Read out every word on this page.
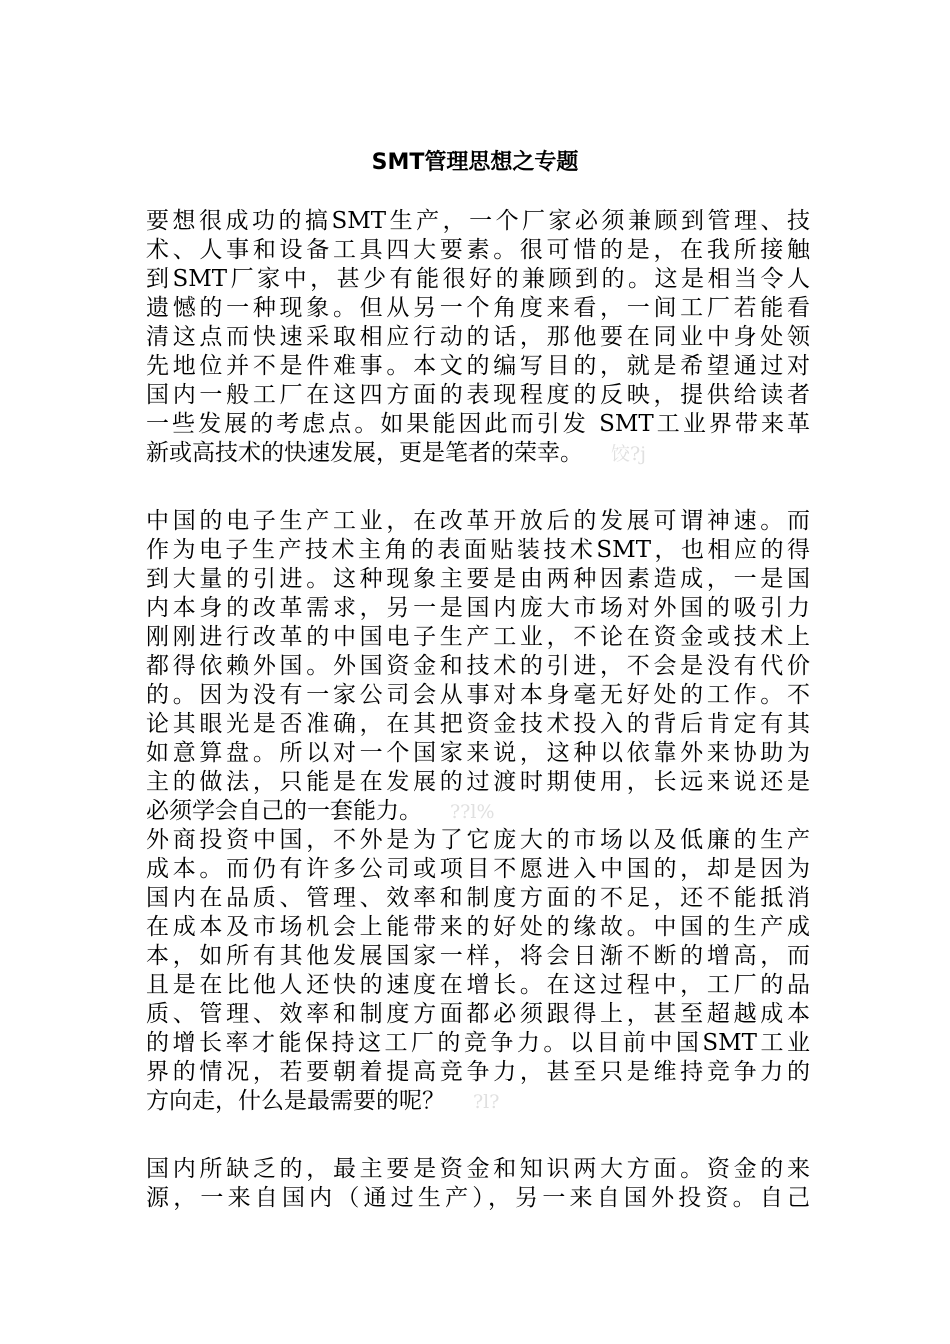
SMT管理思想之专题
要想很成功的搞SMT生产，一个厂家必须兼顾到管理、技
术、人事和设备工具四大要素。很可惜的是，在我所接触
到SMT厂家中，甚少有能很好的兼顾到的。这是相当令人
遗憾的一种现象。但从另一个角度来看，一间工厂若能看
清这点而快速采取相应行动的话，那他要在同业中身处领
先地位并不是件难事。本文的编写目的，就是希望通过对
国内一般工厂在这四方面的表现程度的反映，提供给读者
一些发展的考虑点。如果能因此而引发 SMT工业界带来革
新或高技术的快速发展，更是笔者的荣幸。 饺?j
中国的电子生产工业，在改革开放后的发展可谓神速。而
作为电子生产技术主角的表面贴装技术SMT，也相应的得
到大量的引进。这种现象主要是由两种因素造成，一是国
内本身的改革需求，另一是国内庞大市场对外国的吸引力
刚刚进行改革的中国电子生产工业，不论在资金或技术上
都得依赖外国。外国资金和技术的引进，不会是没有代价
的。因为没有一家公司会从事对本身毫无好处的工作。不
论其眼光是否准确，在其把资金技术投入的背后肯定有其
如意算盘。所以对一个国家来说，这种以依靠外来协助为
主的做法，只能是在发展的过渡时期使用，长远来说还是
必须学会自己的一套能力。 ??l%
外商投资中国，不外是为了它庞大的市场以及低廉的生产
成本。而仍有许多公司或项目不愿进入中国的，却是因为
国内在品质、管理、效率和制度方面的不足，还不能抵消
在成本及市场机会上能带来的好处的缘故。中国的生产成
本，如所有其他发展国家一样，将会日渐不断的增高，而
且是在比他人还快的速度在增长。在这过程中，工厂的品
质、管理、效率和制度方面都必须跟得上，甚至超越成本
的增长率才能保持这工厂的竞争力。以目前中国SMT工业
界的情况，若要朝着提高竞争力，甚至只是维持竞争力的
方向走，什么是最需要的呢？ ?l?
国内所缺乏的，最主要是资金和知识两大方面。资金的来
源，一来自国内（通过生产），另一来自国外投资。自己
